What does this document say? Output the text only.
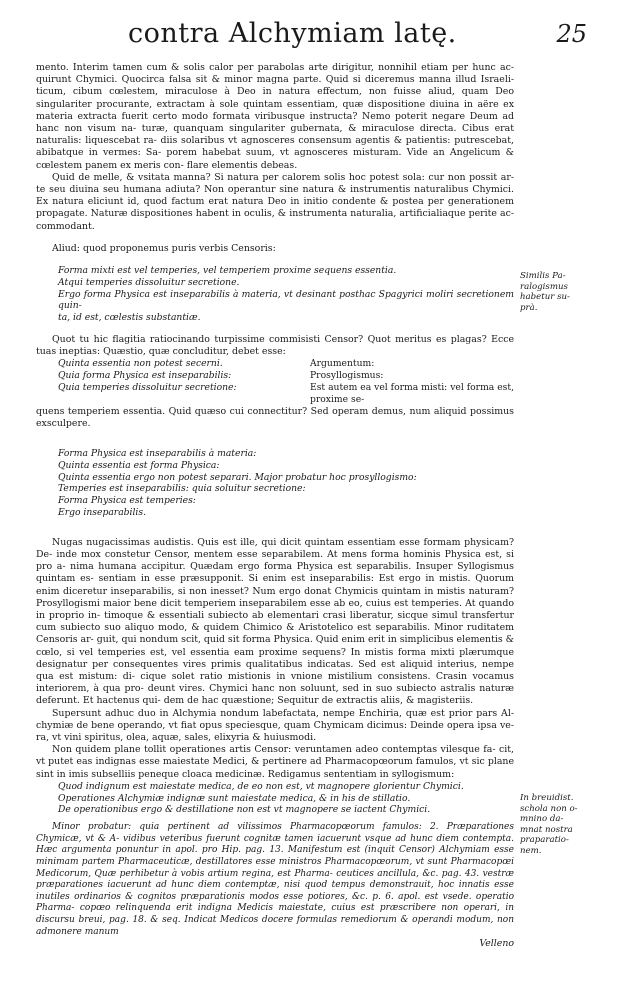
contra Alchymiam latę.	25

mento. Interim tamen cum & solis calor per parabolas arte dirigitur, nonnihil etiam per hunc ac- quirunt Chymici. Quocirca falsa sit & minor magna parte. Quid si diceremus manna illud Israeli- ticum, cibum cœlestem, miraculose à Deo in natura effectum, non fuisse aliud, quam Deo singulariter procurante, extractam à sole quintam essentiam, quæ dispositione diuina in aëre ex materia extracta fuerit certo modo formata viribusque instructa? Nemo poterit negare Deum ad hanc non visum na- turæ, quanquam singulariter gubernata, & miraculose directa. Cibus erat naturalis: liquescebat ra- diis solaribus vt agnosceres consensum agentis & patientis: putrescebat, abibatque in vermes: Sa- porem habebat suum, vt agnosceres misturam. Vide an Angelicum & cœlestem panem ex meris con- flare elementis debeas.

Quid de melle, & vsitata manna? Si natura per calorem solis hoc potest sola: cur non possit ar- te seu diuina seu humana adiuta? Non operantur sine natura & instrumentis naturalibus Chymici. Ex natura eliciunt id, quod factum erat natura Deo in initio condente & postea per generationem propagate. Naturæ dispositiones habent in oculis, & instrumenta naturalia, artificialiaque perite ac- commodant.

Aliud: quod proponemus puris verbis Censoris:

Forma mixti est vel temperies, vel temperiem proxime sequens essentia.
Atqui temperies dissoluitur secretione.
Ergo forma Physica est inseparabilis à materia, vt desinant posthac Spagyrici moliri secretionem quin-
ta, id est, cœlestis substantiæ.

Quot tu hic flagitia ratiocinando turpissime commisisti Censor? Quot meritus es plagas? Ecce tuas ineptias: Quæstio, quæ concluditur, debet esse:

Quinta essentia non potest secerni.	Argumentum:
Quia forma Physica est inseparabilis:	Prosyllogismus:
Quia temperies dissoluitur secretione:	Est autem ea vel forma misti: vel forma est, proxime se-

quens temperiem essentia. Quid quæso cui connectitur? Sed operam demus, num aliquid possimus exsculpere.

Forma Physica est inseparabilis à materia:
Quinta essentia est forma Physica:
Quinta essentia ergo non potest separari. Major probatur hoc prosyllogismo:
Temperies est inseparabilis: quia soluitur secretione:
Forma Physica est temperies:
Ergo inseparabilis.

Nugas nugacissimas audistis. Quis est ille, qui dicit quintam essentiam esse formam physicam? De- inde mox constetur Censor, mentem esse separabilem. At mens forma hominis Physica est, si pro a- nima humana accipitur. Quædam ergo forma Physica est separabilis. Insuper Syllogismus quintam es- sentiam in esse præsupponit. Si enim est inseparabilis: Est ergo in mistis. Quorum enim diceretur inseparabilis, si non inesset? Num ergo donat Chymicis quintam in mistis naturam? Prosyllogismi maior bene dicit temperiem inseparabilem esse ab eo, cuius est temperies. At quando in proprio in- timoque & essentiali subiecto ab elementari crasi liberatur, sicque simul transfertur cum subiecto suo aliquo modo, & quidem Chimico & Aristotelico est separabilis. Minor ruditatem Censoris ar- guit, qui nondum scit, quid sit forma Physica. Quid enim erit in simplicibus elementis & cœlo, si vel temperies est, vel essentia eam proxime sequens? In mistis forma mixti plærumque designatur per consequentes vires primis qualitatibus indicatas. Sed est aliquid interius, nempe qua est mistum: di- cique solet ratio mistionis in vnione mistilium consistens. Crasin vocamus interiorem, à qua pro- deunt vires. Chymici hanc non soluunt, sed in suo subiecto astralis naturæ deferunt. Et hactenus qui- dem de hac quæstione; Sequitur de extractis aliis, & magisteriis.

Supersunt adhuc duo in Alchymia nondum labefactata, nempe Enchiria, quæ est prior pars Al- chymiæ de bene operando, vt fiat opus speciesque, quam Chymicam dicimus: Deinde opera ipsa ve- ra, vt vini spiritus, olea, aquæ, sales, elixyria & huiusmodi.

Non quidem plane tollit operationes artis Censor: veruntamen adeo contemptas vilesque fa- cit, vt putet eas indignas esse maiestate Medici, & pertinere ad Pharmacopœorum famulos, vt sic plane sint in imis subselliis peneque cloaca medicinæ. Redigamus sententiam in syllogismum:

Quod indignum est maiestate medica, de eo non est, vt magnopere glorientur Chymici.
Operationes Alchymiæ indignæ sunt maiestate medica, & in his de stillatio.
De operationibus ergo & destillatione non est vt magnopere se iactent Chymici.

Minor probatur: quia pertinent ad vilissimos Pharmacopœorum famulos: 2. Præparationes Chymicæ, vt & A- vidibus veteribus fuerunt cognitæ tamen iacuerunt vsque ad hunc diem contempta. Hæc argumenta ponuntur in apol. pro Hip. pag. 13. Manifestum est (inquit Censor) Alchymiam esse minimam partem Pharmaceuticæ, destillatores esse ministros Pharmacopœorum, vt sunt Pharmacopœi Medicorum, Quæ perhibetur à vobis artium regina, est Pharma- ceutices ancillula, &c. pag. 43. vestræ præparationes iacuerunt ad hunc diem contemptæ, nisi quod tempus demonstrauit, hoc innatis esse inutiles ordinarios & cognitos præparationis modos esse potiores, &c. p. 6. apol. est vsede. operatio Pharma- copœo relinquenda erit indigna Medicis maiestate, cuius est præscribere non operari, in discursu breui, pag. 18. & seq. Indicat Medicos docere formulas remediorum & operandi modum, non admonere manum

Velleno
Similis Pa-
ralogismus
habetur su-
prà.
In breuidist.
schola non o-
mnino da-
mnat nostra
praparatio-
nem.
